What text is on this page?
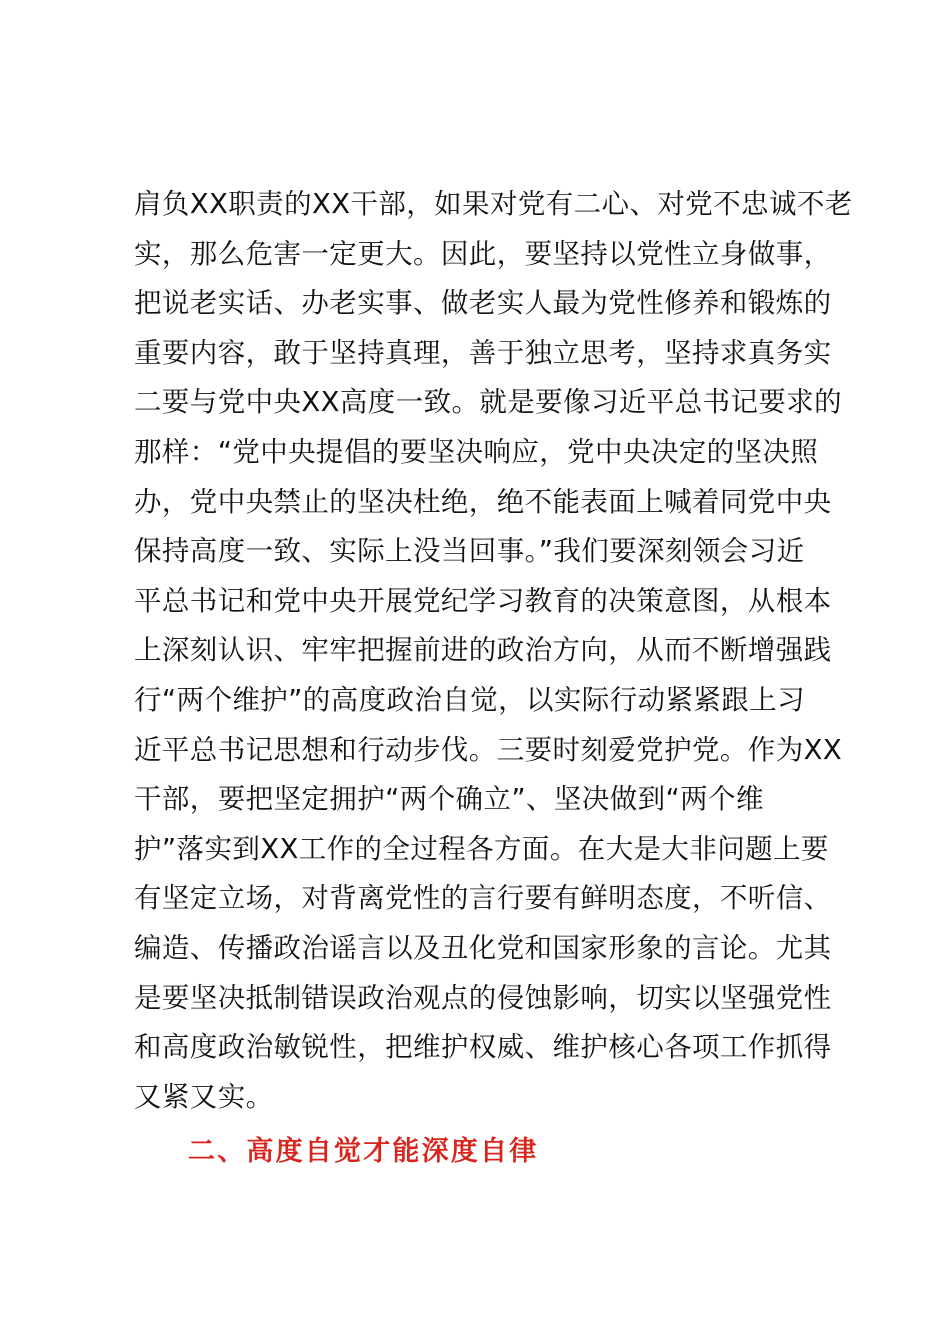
肩负XX职责的XX干部，如果对党有二心、对党不忠诚不老
实，那么危害一定更大。因此，要坚持以党性立身做事，
把说老实话、办老实事、做老实人最为党性修养和锻炼的
重要内容，敢于坚持真理，善于独立思考，坚持求真务实
二要与党中央XX高度一致。就是要像习近平总书记要求的
那样：“党中央提倡的要坚决响应，党中央决定的坚决照
办，党中央禁止的坚决杜绝，绝不能表面上喊着同党中央
保持高度一致、实际上没当回事。”我们要深刻领会习近
平总书记和党中央开展党纪学习教育的决策意图，从根本
上深刻认识、牢牢把握前进的政治方向，从而不断增强践
行“两个维护”的高度政治自觉，以实际行动紧紧跟上习
近平总书记思想和行动步伐。三要时刻爱党护党。作为XX
干部，要把坚定拥护“两个确立”、坚决做到“两个维
护”落实到XX工作的全过程各方面。在大是大非问题上要
有坚定立场，对背离党性的言行要有鲜明态度，不听信、
编造、传播政治谣言以及丑化党和国家形象的言论。尤其
是要坚决抵制错误政治观点的侵蚀影响，切实以坚强党性
和高度政治敏锐性，把维护权威、维护核心各项工作抓得
又紧又实。
二、高度自觉才能深度自律
